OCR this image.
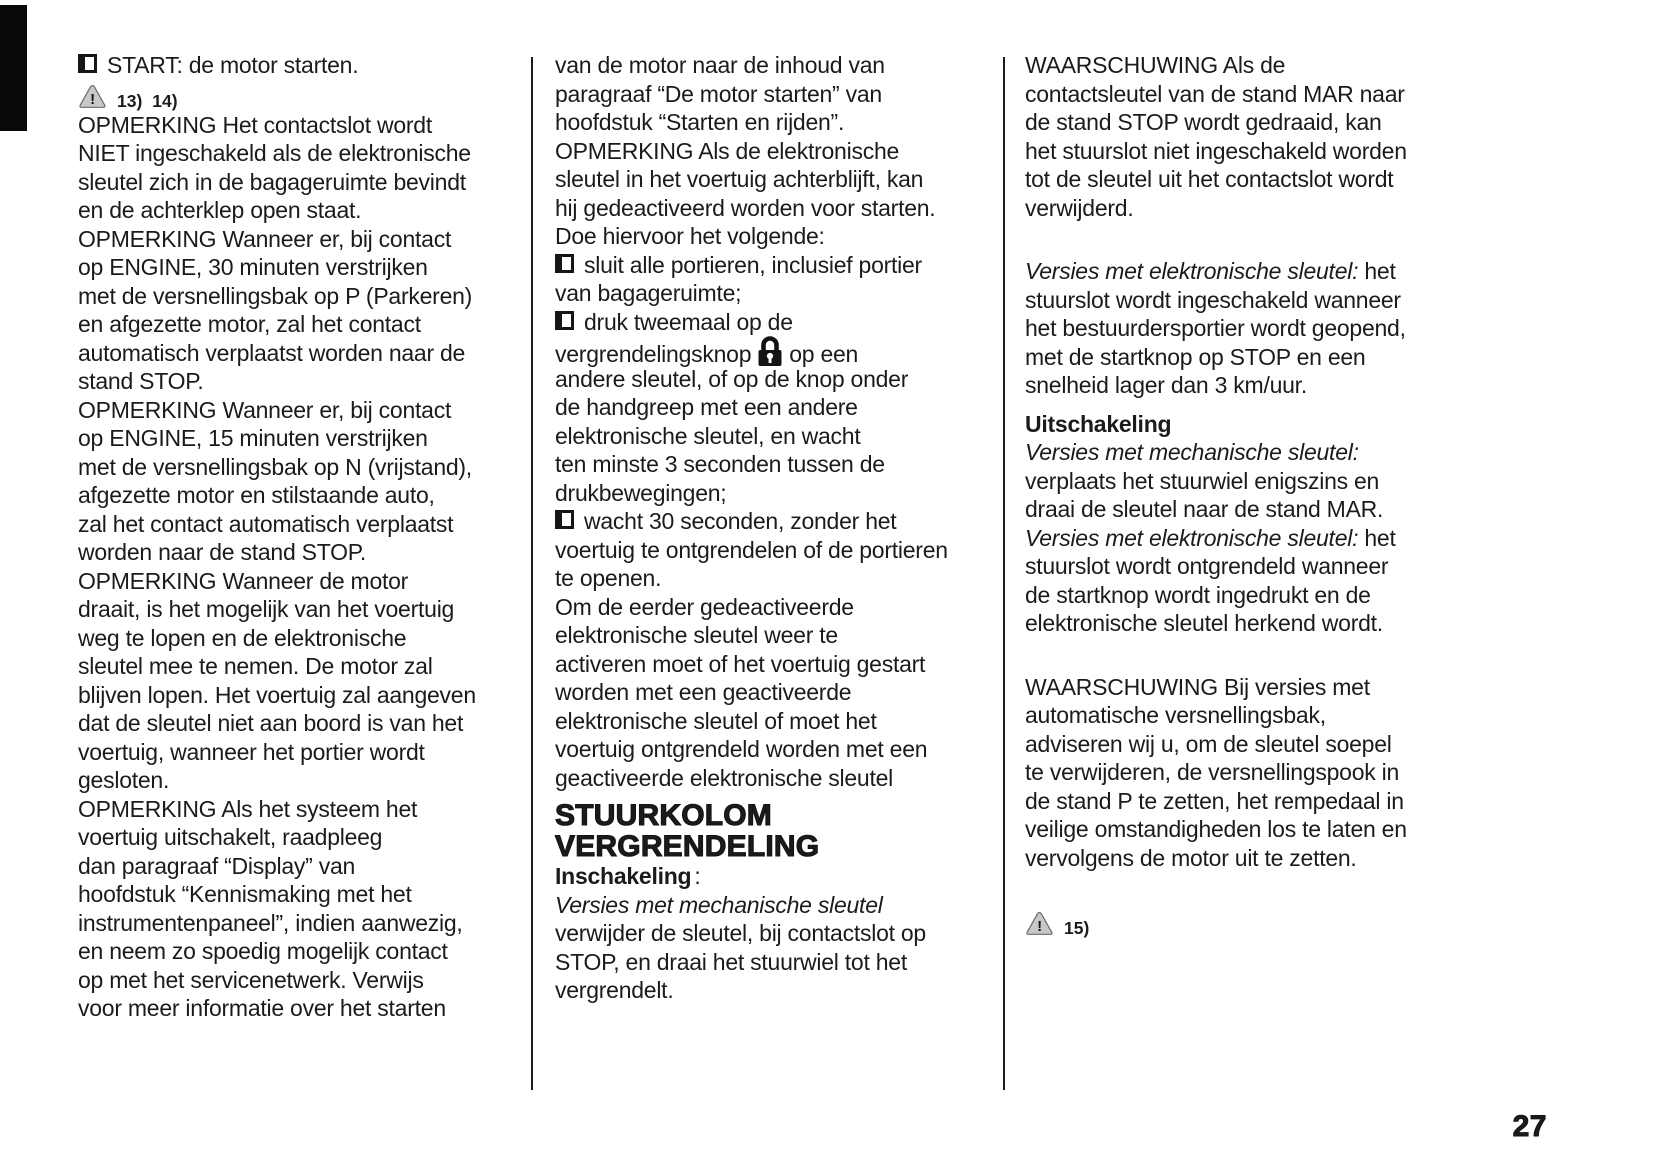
START: de motor starten.
! 13) 14)
OPMERKING Het contactslot wordt
NIET ingeschakeld als de elektronische
sleutel zich in de bagageruimte bevindt
en de achterklep open staat.
OPMERKING Wanneer er, bij contact
op ENGINE, 30 minuten verstrijken
met de versnellingsbak op P (Parkeren)
en afgezette motor, zal het contact
automatisch verplaatst worden naar de
stand STOP.
OPMERKING Wanneer er, bij contact
op ENGINE, 15 minuten verstrijken
met de versnellingsbak op N (vrijstand),
afgezette motor en stilstaande auto,
zal het contact automatisch verplaatst
worden naar de stand STOP.
OPMERKING Wanneer de motor
draait, is het mogelijk van het voertuig
weg te lopen en de elektronische
sleutel mee te nemen. De motor zal
blijven lopen. Het voertuig zal aangeven
dat de sleutel niet aan boord is van het
voertuig, wanneer het portier wordt
gesloten.
OPMERKING Als het systeem het
voertuig uitschakelt, raadpleeg
dan paragraaf “Display” van
hoofdstuk “Kennismaking met het
instrumentenpaneel”, indien aanwezig,
en neem zo spoedig mogelijk contact
op met het servicenetwerk. Verwijs
voor meer informatie over het starten
van de motor naar de inhoud van
paragraaf “De motor starten” van
hoofdstuk “Starten en rijden”.
OPMERKING Als de elektronische
sleutel in het voertuig achterblijft, kan
hij gedeactiveerd worden voor starten.
Doe hiervoor het volgende:
sluit alle portieren, inclusief portier
van bagageruimte;
druk tweemaal op de
vergrendelingsknop op een
andere sleutel, of op de knop onder
de handgreep met een andere
elektronische sleutel, en wacht
ten minste 3 seconden tussen de
drukbewegingen;
wacht 30 seconden, zonder het
voertuig te ontgrendelen of de portieren
te openen.
Om de eerder gedeactiveerde
elektronische sleutel weer te
activeren moet of het voertuig gestart
worden met een geactiveerde
elektronische sleutel of moet het
voertuig ontgrendeld worden met een
geactiveerde elektronische sleutel
STUURKOLOM
VERGRENDELING
Inschakeling :
Versies met mechanische sleutel
verwijder de sleutel, bij contactslot op
STOP, en draai het stuurwiel tot het
vergrendelt.
WAARSCHUWING Als de
contactsleutel van de stand MAR naar
de stand STOP wordt gedraaid, kan
het stuurslot niet ingeschakeld worden
tot de sleutel uit het contactslot wordt
verwijderd.
Versies met elektronische sleutel: het
stuurslot wordt ingeschakeld wanneer
het bestuurdersportier wordt geopend,
met de startknop op STOP en een
snelheid lager dan 3 km/uur.
Uitschakeling
Versies met mechanische sleutel:
verplaats het stuurwiel enigszins en
draai de sleutel naar de stand MAR.
Versies met elektronische sleutel: het
stuurslot wordt ontgrendeld wanneer
de startknop wordt ingedrukt en de
elektronische sleutel herkend wordt.
WAARSCHUWING Bij versies met
automatische versnellingsbak,
adviseren wij u, om de sleutel soepel
te verwijderen, de versnellingspook in
de stand P te zetten, het rempedaal in
veilige omstandigheden los te laten en
vervolgens de motor uit te zetten.
! 15)
27
